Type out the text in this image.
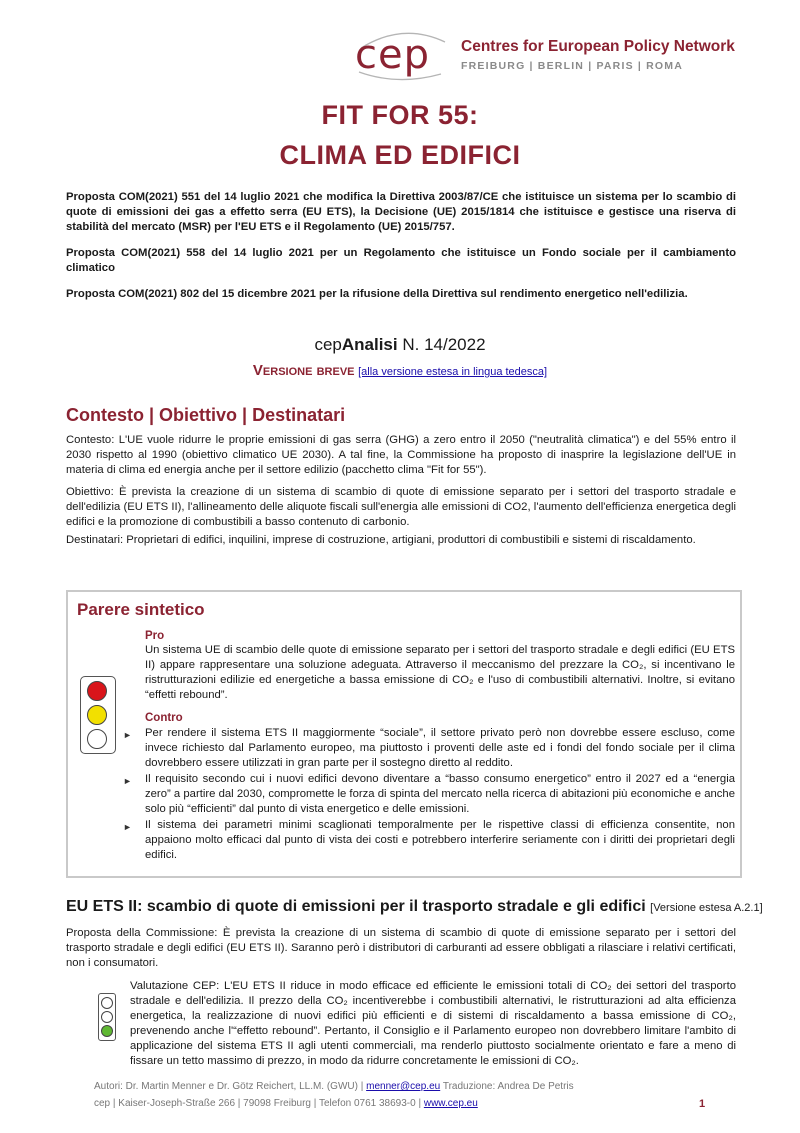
cep Centres for European Policy Network
FREIBURG | BERLIN | PARIS | ROMA
FIT FOR 55:
CLIMA ED EDIFICI
Proposta COM(2021) 551 del 14 luglio 2021 che modifica la Direttiva 2003/87/CE che istituisce un sistema per lo scambio di quote di emissioni dei gas a effetto serra (EU ETS), la Decisione (UE) 2015/1814 che istituisce e gestisce una riserva di stabilità del mercato (MSR) per l'EU ETS e il Regolamento (UE) 2015/757.
Proposta COM(2021) 558 del 14 luglio 2021 per un Regolamento che istituisce un Fondo sociale per il cambiamento climatico
Proposta COM(2021) 802 del 15 dicembre 2021 per la rifusione della Direttiva sul rendimento energetico nell'edilizia.
cepAnalisi N. 14/2022
Versione breve [alla versione estesa in lingua tedesca]
Contesto | Obiettivo | Destinatari
Contesto: L'UE vuole ridurre le proprie emissioni di gas serra (GHG) a zero entro il 2050 ("neutralità climatica") e del 55% entro il 2030 rispetto al 1990 (obiettivo climatico UE 2030). A tal fine, la Commissione ha proposto di inasprire la legislazione dell'UE in materia di clima ed energia anche per il settore edilizio (pacchetto clima "Fit for 55").
Obiettivo: È prevista la creazione di un sistema di scambio di quote di emissione separato per i settori del trasporto stradale e dell'edilizia (EU ETS II), l'allineamento delle aliquote fiscali sull'energia alle emissioni di CO2, l'aumento dell'efficienza energetica degli edifici e la promozione di combustibili a basso contenuto di carbonio.
Destinatari: Proprietari di edifici, inquilini, imprese di costruzione, artigiani, produttori di combustibili e sistemi di riscaldamento.
Parere sintetico
Pro
Un sistema UE di scambio delle quote di emissione separato per i settori del trasporto stradale e degli edifici (EU ETS II) appare rappresentare una soluzione adeguata. Attraverso il meccanismo del prezzare la CO₂, si incentivano le ristrutturazioni edilizie ed energetiche a bassa emissione di CO₂ e l'uso di combustibili alternativi. Inoltre, si evitano “effetti rebound”.
Contro
► Per rendere il sistema ETS II maggiormente “sociale”, il settore privato però non dovrebbe essere escluso, come invece richiesto dal Parlamento europeo, ma piuttosto i proventi delle aste ed i fondi del fondo sociale per il clima dovrebbero essere utilizzati in gran parte per il sostegno diretto al reddito.
► Il requisito secondo cui i nuovi edifici devono diventare a “basso consumo energetico” entro il 2027 ed a “energia zero” a partire dal 2030, compromette le forza di spinta del mercato nella ricerca di abitazioni più economiche e anche solo più “efficienti” dal punto di vista energetico e delle emissioni.
► Il sistema dei parametri minimi scaglionati temporalmente per le rispettive classi di efficienza consentite, non appaiono molto efficaci dal punto di vista dei costi e potrebbero interferire seriamente con i diritti dei proprietari degli edifici.
EU ETS II: scambio di quote di emissioni per il trasporto stradale e gli edifici [Versione estesa A.2.1]
Proposta della Commissione: È prevista la creazione di un sistema di scambio di quote di emissione separato per i settori del trasporto stradale e degli edifici (EU ETS II). Saranno però i distributori di carburanti ad essere obbligati a rilasciare i relativi certificati, non i consumatori.
Valutazione CEP: L'EU ETS II riduce in modo efficace ed efficiente le emissioni totali di CO₂ dei settori del trasporto stradale e dell'edilizia. Il prezzo della CO₂ incentiverebbe i combustibili alternativi, le ristrutturazioni ad alta efficienza energetica, la realizzazione di nuovi edifici più efficienti e di sistemi di riscaldamento a bassa emissione di CO₂, prevenendo anche l'“effetto rebound”. Pertanto, il Consiglio e il Parlamento europeo non dovrebbero limitare l'ambito di applicazione del sistema ETS II agli utenti commerciali, ma renderlo piuttosto socialmente orientato e fare a meno di fissare un tetto massimo di prezzo, in modo da ridurre concretamente le emissioni di CO₂.
Autori: Dr. Martin Menner e Dr. Götz Reichert, LL.M. (GWU) | menner@cep.eu Traduzione: Andrea De Petris
cep | Kaiser-Joseph-Straße 266 | 79098 Freiburg | Telefon 0761 38693-0 | www.cep.eu	1
